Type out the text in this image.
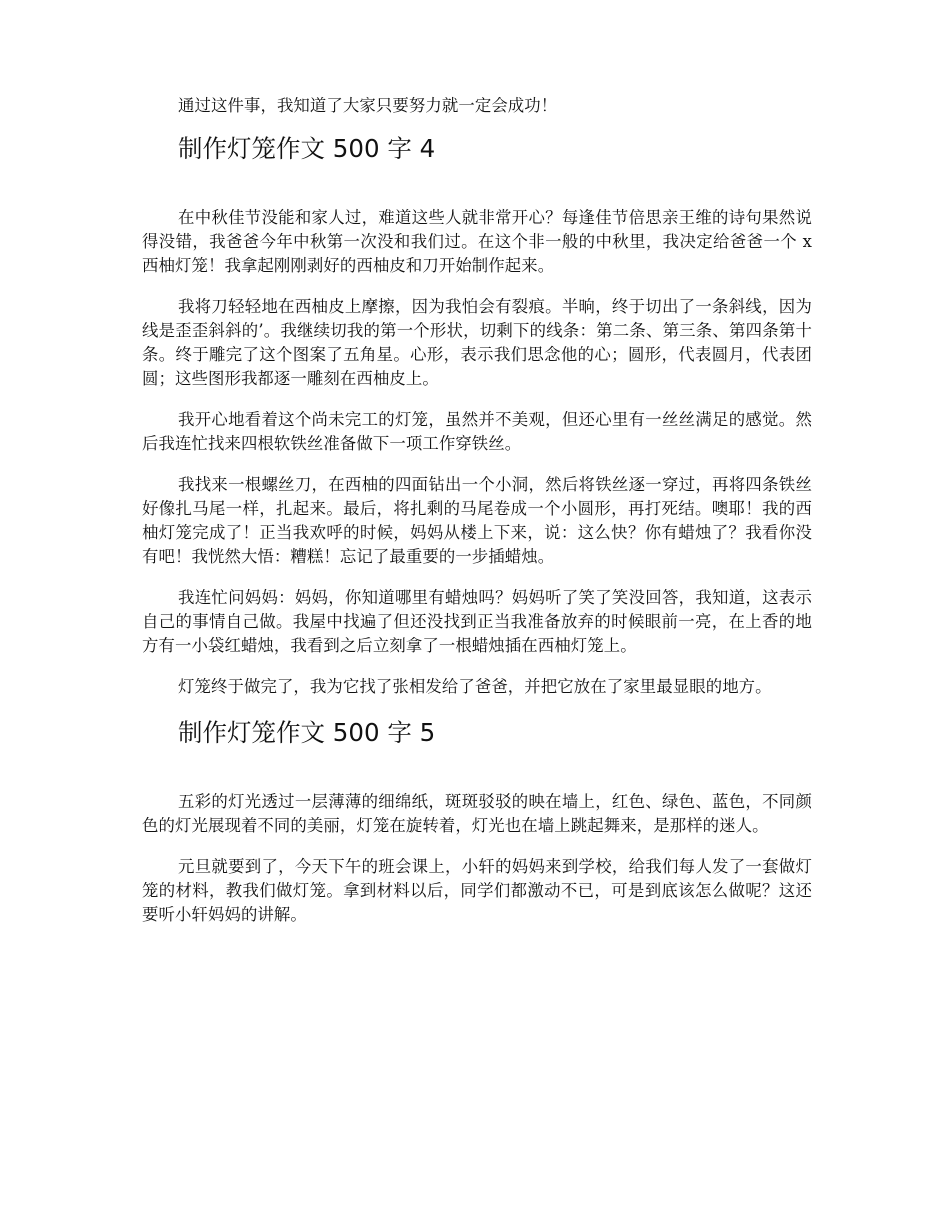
通过这件事，我知道了大家只要努力就一定会成功！

制作灯笼作文 500 字 4

在中秋佳节没能和家人过，难道这些人就非常开心？每逢佳节倍思亲王维的诗句果然说得没错，我爸爸今年中秋第一次没和我们过。在这个非一般的中秋里，我决定给爸爸一个 x 西柚灯笼！我拿起刚刚剥好的西柚皮和刀开始制作起来。

我将刀轻轻地在西柚皮上摩擦，因为我怕会有裂痕。半晌，终于切出了一条斜线，因为线是歪歪斜斜的’。我继续切我的第一个形状，切剩下的线条：第二条、第三条、第四条第十条。终于雕完了这个图案了五角星。心形，表示我们思念他的心；圆形，代表圆月，代表团圆；这些图形我都逐一雕刻在西柚皮上。

我开心地看着这个尚未完工的灯笼，虽然并不美观，但还心里有一丝丝满足的感觉。然后我连忙找来四根软铁丝准备做下一项工作穿铁丝。

我找来一根螺丝刀，在西柚的四面钻出一个小洞，然后将铁丝逐一穿过，再将四条铁丝好像扎马尾一样，扎起来。最后，将扎剩的马尾卷成一个小圆形，再打死结。噢耶！我的西柚灯笼完成了！正当我欢呼的时候，妈妈从楼上下来，说：这么快？你有蜡烛了？我看你没有吧！我恍然大悟：糟糕！忘记了最重要的一步插蜡烛。

我连忙问妈妈：妈妈，你知道哪里有蜡烛吗？妈妈听了笑了笑没回答，我知道，这表示自己的事情自己做。我屋中找遍了但还没找到正当我准备放弃的时候眼前一亮，在上香的地方有一小袋红蜡烛，我看到之后立刻拿了一根蜡烛插在西柚灯笼上。

灯笼终于做完了，我为它找了张相发给了爸爸，并把它放在了家里最显眼的地方。

制作灯笼作文 500 字 5

五彩的灯光透过一层薄薄的细绵纸，斑斑驳驳的映在墙上，红色、绿色、蓝色，不同颜色的灯光展现着不同的美丽，灯笼在旋转着，灯光也在墙上跳起舞来，是那样的迷人。

元旦就要到了，今天下午的班会课上，小轩的妈妈来到学校，给我们每人发了一套做灯笼的材料，教我们做灯笼。拿到材料以后，同学们都激动不已，可是到底该怎么做呢？这还要听小轩妈妈的讲解。
